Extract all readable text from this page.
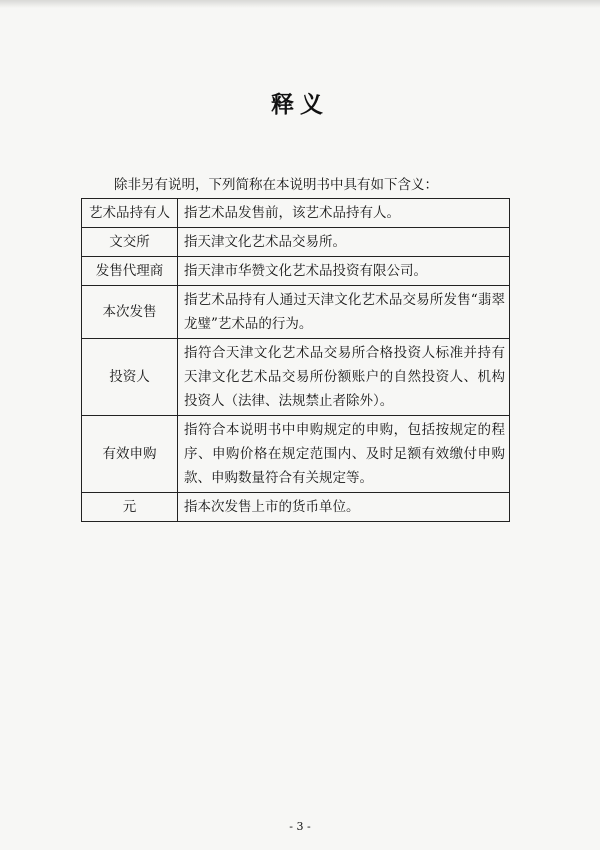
释义
除非另有说明，下列简称在本说明书中具有如下含义：
艺术品持有人	指艺术品发售前，该艺术品持有人。
文交所	指天津文化艺术品交易所。
发售代理商	指天津市华赞文化艺术品投资有限公司。
本次发售	指艺术品持有人通过天津文化艺术品交易所发售“翡翠龙璧”艺术品的行为。
投资人	指符合天津文化艺术品交易所合格投资人标准并持有天津文化艺术品交易所份额账户的自然投资人、机构投资人（法律、法规禁止者除外）。
有效申购	指符合本说明书中申购规定的申购，包括按规定的程序、申购价格在规定范围内、及时足额有效缴付申购款、申购数量符合有关规定等。
元	指本次发售上市的货币单位。
- 3 -
